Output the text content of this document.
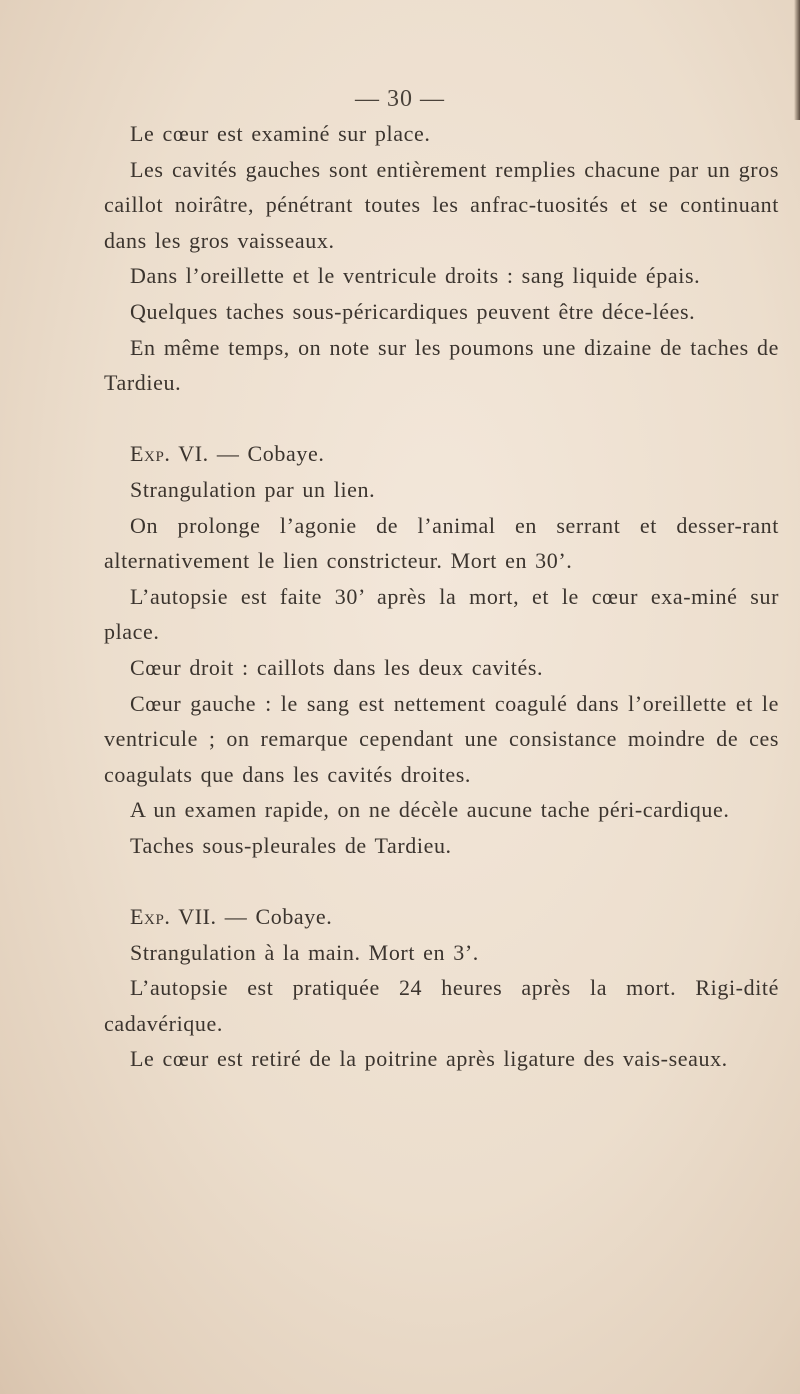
— 30 —

Le cœur est examiné sur place.

Les cavités gauches sont entièrement remplies chacune par un gros caillot noirâtre, pénétrant toutes les anfrac-tuosités et se continuant dans les gros vaisseaux.

Dans l’oreillette et le ventricule droits : sang liquide épais.

Quelques taches sous-péricardiques peuvent être déce-lées.

En même temps, on note sur les poumons une dizaine de taches de Tardieu.

Exp. VI. — Cobaye.

Strangulation par un lien.

On prolonge l’agonie de l’animal en serrant et desser-rant alternativement le lien constricteur. Mort en 30’.

L’autopsie est faite 30’ après la mort, et le cœur exa-miné sur place.

Cœur droit : caillots dans les deux cavités.

Cœur gauche : le sang est nettement coagulé dans l’oreillette et le ventricule ; on remarque cependant une consistance moindre de ces coagulats que dans les cavités droites.

A un examen rapide, on ne décèle aucune tache péri-cardique.

Taches sous-pleurales de Tardieu.

Exp. VII. — Cobaye.

Strangulation à la main. Mort en 3’.

L’autopsie est pratiquée 24 heures après la mort. Rigi-dité cadavérique.

Le cœur est retiré de la poitrine après ligature des vais-seaux.
